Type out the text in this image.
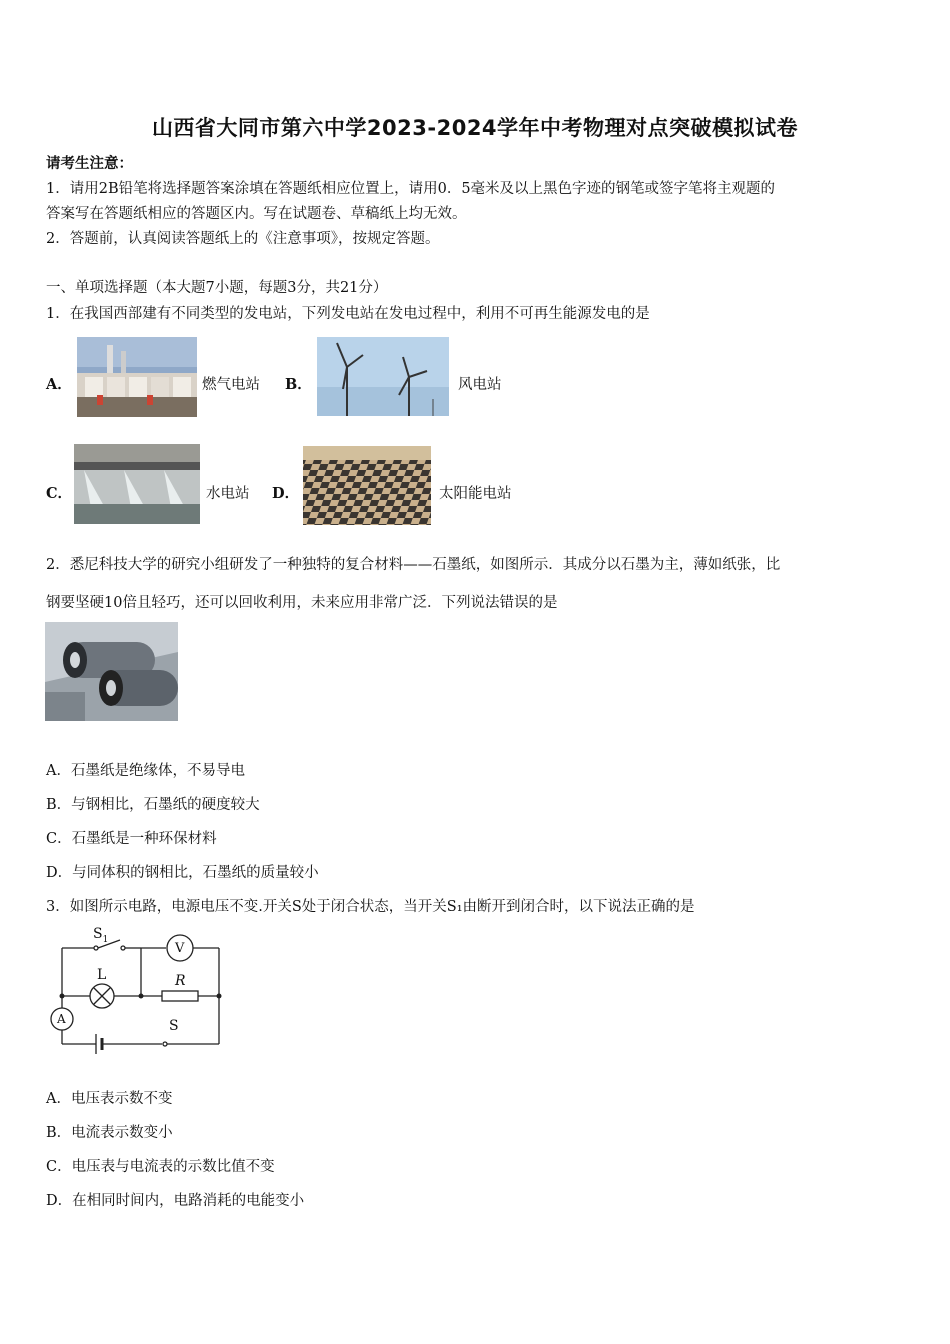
山西省大同市第六中学2023-2024学年中考物理对点突破模拟试卷
请考生注意：
1．请用2B铅笔将选择题答案涂填在答题纸相应位置上，请用0．5毫米及以上黑色字迹的钢笔或签字笔将主观题的
答案写在答题纸相应的答题区内。写在试题卷、草稿纸上均无效。
2．答题前，认真阅读答题纸上的《注意事项》，按规定答题。
一、单项选择题（本大题7小题，每题3分，共21分）
1．在我国西部建有不同类型的发电站，下列发电站在发电过程中，利用不可再生能源发电的是
A．	燃气电站 B．	风电站
C．	水电站 D．	太阳能电站
2．悉尼科技大学的研究小组研发了一种独特的复合材料——石墨纸，如图所示．其成分以石墨为主，薄如纸张，比
钢要坚硬10倍且轻巧，还可以回收利用，未来应用非常广泛．下列说法错误的是
A．石墨纸是绝缘体，不易导电
B．与钢相比，石墨纸的硬度较大
C．石墨纸是一种环保材料
D．与同体积的钢相比，石墨纸的质量较小
3．如图所示电路，电源电压不变.开关S处于闭合状态，当开关S₁由断开到闭合时，以下说法正确的是
$S_1$
V
L	R
A	S
A．电压表示数不变
B．电流表示数变小
C．电压表与电流表的示数比值不变
D．在相同时间内，电路消耗的电能变小
